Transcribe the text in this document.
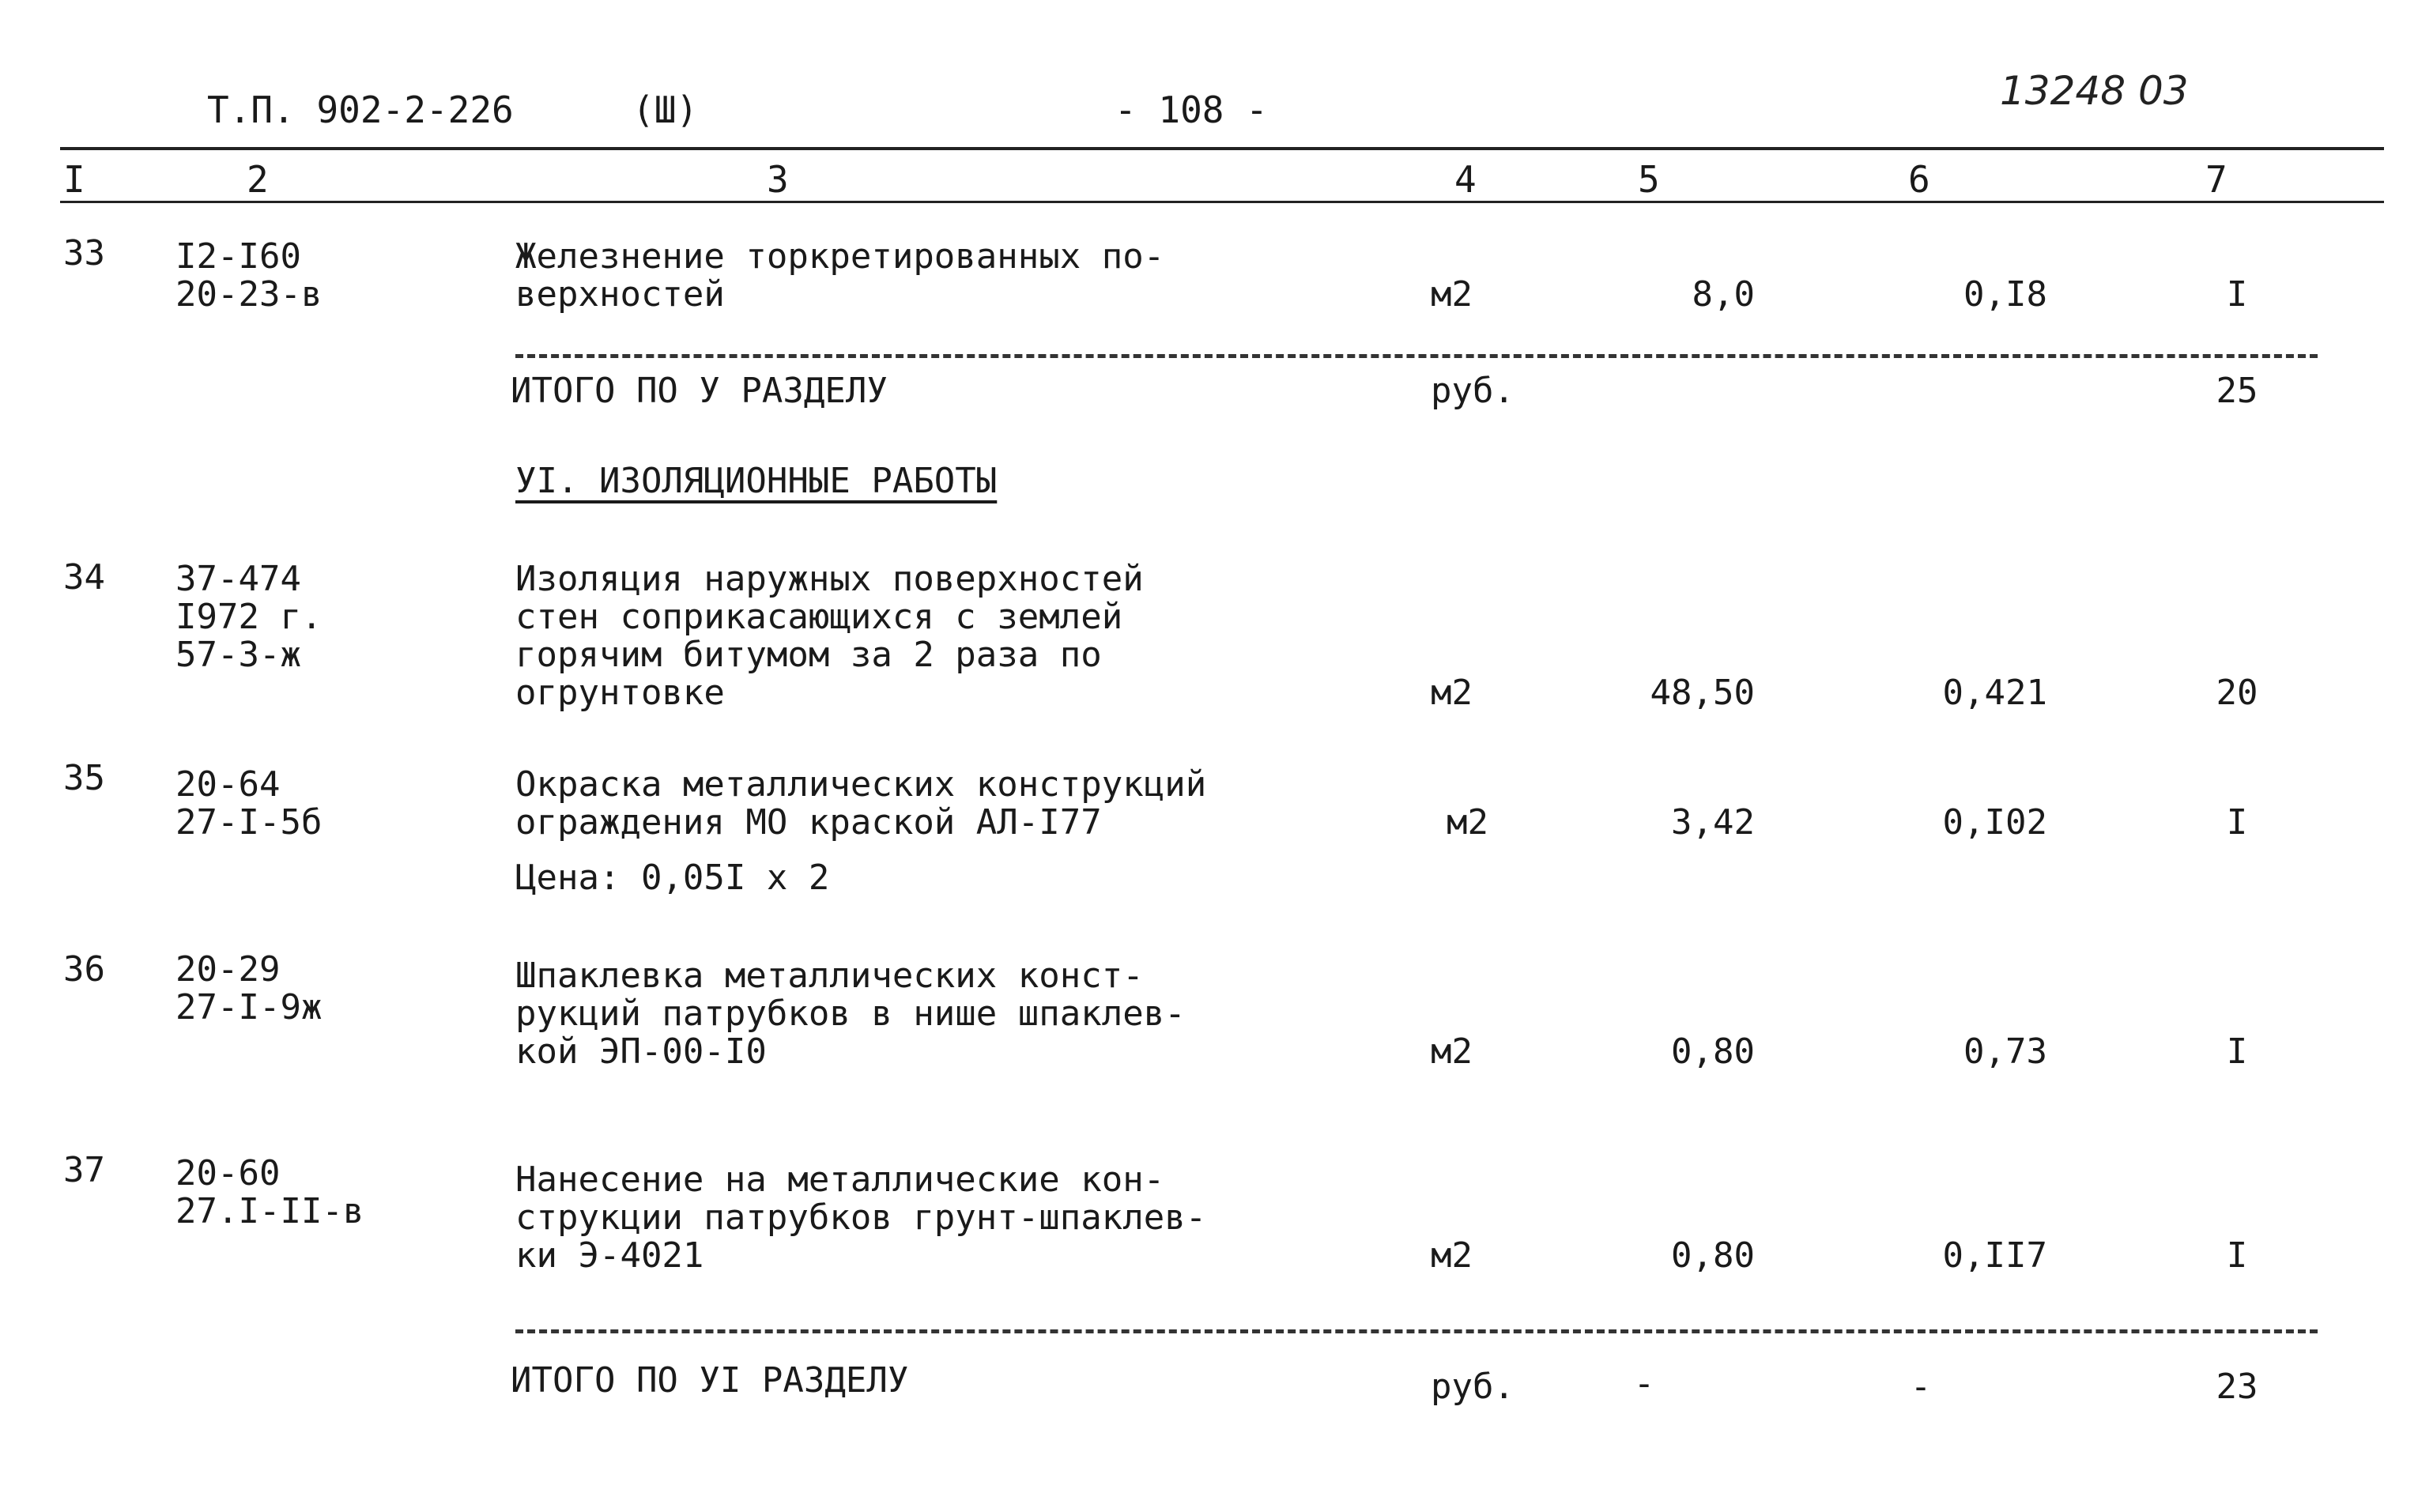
Т.П. 902-2-226	(Ш)	- 108 -	13248 03
I	2	3	4	5	6	7
33 I2-I60
20-23-в
Железнение торкретированных по-
верхностей	м2	8,0	0,I8	I
ИТОГО ПО У РАЗДЕЛУ	руб.	25
УI. ИЗОЛЯЦИОННЫЕ РАБОТЫ
34 37-474
I972 г.
57-3-ж
Изоляция наружных поверхностей
стен соприкасающихся с землей
горячим битумом за 2 раза по
огрунтовке	м2	48,50	0,421	20
35 20-64
27-I-5б
Окраска металлических конструкций
ограждения МО краской АЛ-I77
Цена: 0,05I х 2
м2	3,42	0,I02	I
36 20-29
27-I-9ж
Шпаклевка металлических конст-
рукций патрубков в нише шпаклев-
кой ЭП-00-I0	м2	0,80	0,73	I
37 20-60
27.I-II-в
Нанесение на металлические кон-
струкции патрубков грунт-шпаклев-
ки Э-4021	м2	0,80	0,II7	I
ИТОГО ПО УI РАЗДЕЛУ	руб.	-	-	23
